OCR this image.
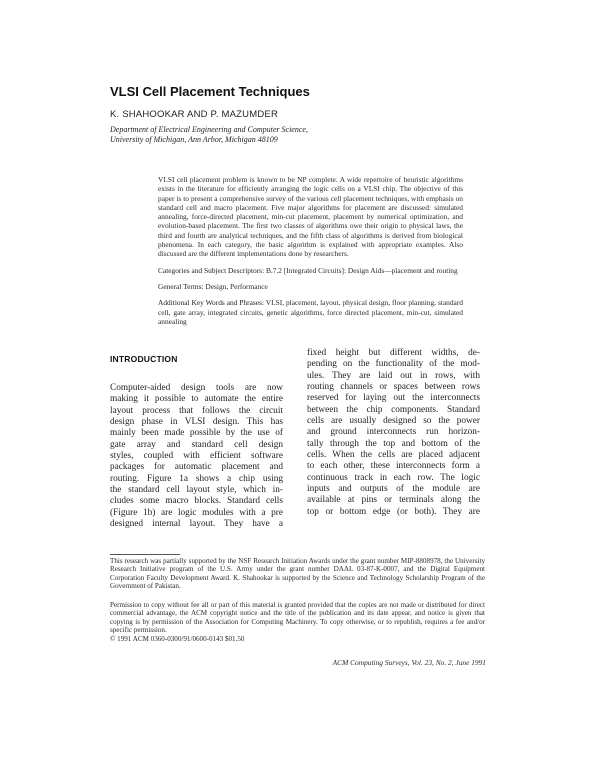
VLSI Cell Placement Techniques
K. SHAHOOKAR AND P. MAZUMDER
Department of Electrical Engineering and Computer Science,
University of Michigan, Ann Arbor, Michigan 48109

VLSI cell placement problem is known to be NP complete. A wide repertoire of heuristic algorithms exists in the literature for efficiently arranging the logic cells on a VLSI chip. The objective of this paper is to present a comprehensive survey of the various cell placement techniques, with emphasis on standard cell and macro placement. Five major algorithms for placement are discussed: simulated annealing, force-directed placement, min-cut placement, placement by numerical optimization, and evolution-based placement. The first two classes of algorithms owe their origin to physical laws, the third and fourth are analytical techniques, and the fifth class of algorithms is derived from biological phenomena. In each category, the basic algorithm is explained with appropriate examples. Also discussed are the different implementations done by researchers.

Categories and Subject Descriptors: B.7.2 [Integrated Circuits]: Design Aids—placement and routing

General Terms: Design, Performance

Additional Key Words and Phrases: VLSI, placement, layout, physical design, floor planning, standard cell, gate array, integrated circuits, genetic algorithms, force directed placement, min-cut, simulated annealing

INTRODUCTION
Computer-aided design tools are now
making it possible to automate the entire
layout process that follows the circuit
design phase in VLSI design. This has
mainly been made possible by the use of
gate array and standard cell design
styles, coupled with efficient software
packages for automatic placement and
routing. Figure 1a shows a chip using
the standard cell layout style, which in-
cludes some macro blocks. Standard cells
(Figure 1b) are logic modules with a pre
designed internal layout. They have a
fixed height but different widths, de-
pending on the functionality of the mod-
ules. They are laid out in rows, with
routing channels or spaces between rows
reserved for laying out the interconnects
between the chip components. Standard
cells are usually designed so the power
and ground interconnects run horizon-
tally through the top and bottom of the
cells. When the cells are placed adjacent
to each other, these interconnects form a
continuous track in each row. The logic
inputs and outputs of the module are
available at pins or terminals along the
top or bottom edge (or both). They are
This research was partially supported by the NSF Research Initiation Awards under the grant number MIP-8808978, the University Research Initiative program of the U.S. Army under the grant number DAAL 03-87-K-0007, and the Digital Equipment Corporation Faculty Development Award. K. Shahookar is supported by the Science and Technology Scholarship Program of the Government of Pakistan.
Permission to copy without fee all or part of this material is granted provided that the copies are not made or distributed for direct commercial advantage, the ACM copyright notice and the title of the publication and its date appear, and notice is given that copying is by permission of the Association for Computing Machinery. To copy otherwise, or to republish, requires a fee and/or specific permission.
© 1991 ACM 0360-0300/91/0600-0143 $01.50
ACM Computing Surveys, Vol. 23, No. 2, June 1991
